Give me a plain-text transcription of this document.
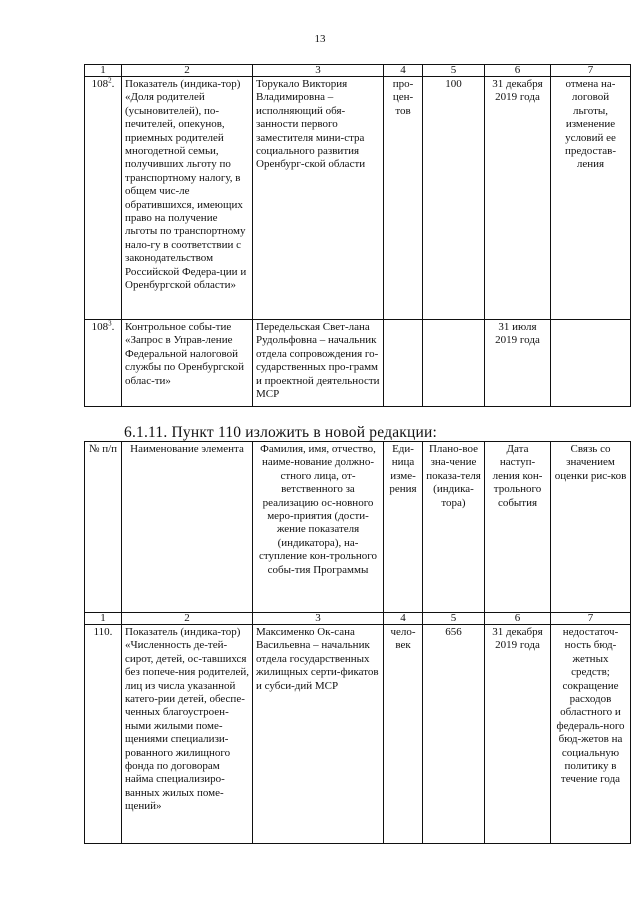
13
1	2	3	4	5	6	7
$108^2$.	Показатель (индика-тор) «Доля родителей (усыновителей), по-печителей, опекунов, приемных родителей многодетной семьи, получивших льготу по транспортному налогу, в общем чис-ле обратившихся, имеющих право на получение льготы по транспортному нало-гу в соответствии с законодательством Российской Федера-ции и Оренбургской области»	Торукало Виктория Владимировна – исполняющий обя-занности первого заместителя мини-стра социального развития Оренбург-ской области	про-цен-тов	100	31 декабря 2019 года	отмена на-логовой льготы, изменение условий ее предостав-ления
$108^3$.	Контрольное собы-тие «Запрос в Управ-ление Федеральной налоговой службы по Оренбургской облас-ти»	Передельская Свет-лана Рудольфовна – начальник отдела сопровождения го-сударственных про-грамм и проектной деятельности МСР			31 июля 2019 года	
6.1.11. Пункт 110 изложить в новой редакции:
№ п/п	Наименование элемента	Фамилия, имя, отчество, наиме-нование должно-стного лица, от-ветственного за реализацию ос-новного меро-приятия (дости-жение показателя (индикатора), на-ступление кон-трольного собы-тия Программы	Еди-ница изме-рения	Плано-вое зна-чение показа-теля (индика-тора)	Дата наступ-ления кон-трольного события	Связь со значением оценки рис-ков
1	2	3	4	5	6	7
110.	Показатель (индика-тор) «Численность де-тей-сирот, детей, ос-тавшихся без попече-ния родителей, лиц из числа указанной катего-рии детей, обеспе-ченных благоустроен-ными жилыми поме-щениями специализи-рованного жилищного фонда по договорам найма специализиро-ванных жилых поме-щений»	Максименко Ок-сана Васильевна – начальник отдела государственных жилищных серти-фикатов и субси-дий МСР	чело-век	656	31 декабря 2019 года	недостаточ-ность бюд-жетных средств; сокращение расходов областного и федераль-ного бюд-жетов на социальную политику в течение года
